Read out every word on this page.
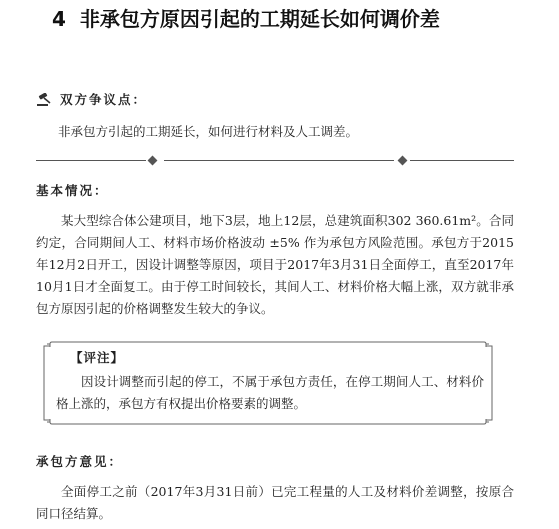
4 非承包方原因引起的工期延长如何调价差
双方争议点：
非承包方引起的工期延长，如何进行材料及人工调差。
基本情况：

某大型综合体公建项目，地下3层，地上12层，总建筑面积302 360.61m²。合同约定，合同期间人工、材料市场价格波动 ±5% 作为承包方风险范围。承包方于2015年12月2日开工，因设计调整等原因，项目于2017年3月31日全面停工，直至2017年10月1日才全面复工。由于停工时间较长，其间人工、材料价格大幅上涨，双方就非承包方原因引起的价格调整发生较大的争议。

【评注】
因设计调整而引起的停工，不属于承包方责任，在停工期间人工、材料价格上涨的，承包方有权提出价格要素的调整。
承包方意见：

全面停工之前（2017年3月31日前）已完工程量的人工及材料价差调整，按原合同口径结算。
